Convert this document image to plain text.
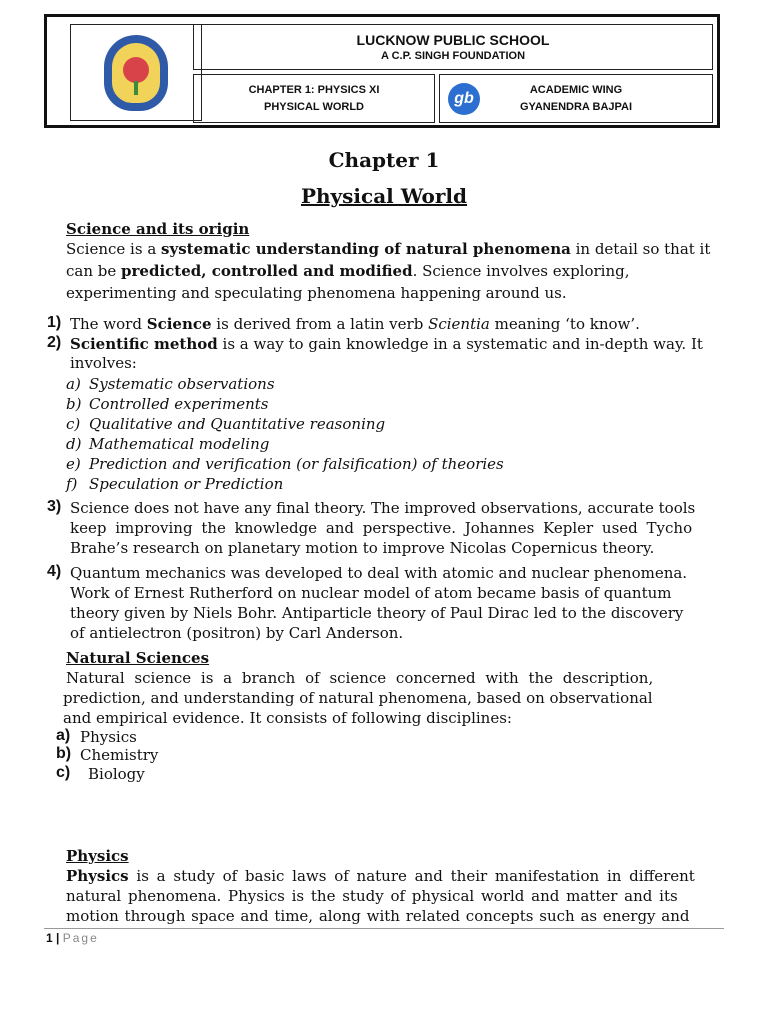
LUCKNOW PUBLIC SCHOOL
A C.P. SINGH FOUNDATION
CHAPTER 1: PHYSICS XI
PHYSICAL WORLD	gb	ACADEMIC WING
GYANENDRA BAJPAI
Chapter 1
Physical World
Science and its origin
Science is a systematic understanding of natural phenomena in detail so that it
can be predicted, controlled and modified. Science involves exploring,
experimenting and speculating phenomena happening around us.
1) The word Science is derived from a latin verb Scientia meaning ‘to know’.
2) Scientific method is a way to gain knowledge in a systematic and in-depth way. It
involves:
a) Systematic observations
b) Controlled experiments
c) Qualitative and Quantitative reasoning
d) Mathematical modeling
e) Prediction and verification (or falsification) of theories
f) Speculation or Prediction
3) Science does not have any final theory. The improved observations, accurate tools
keep improving the knowledge and perspective. Johannes Kepler used Tycho
Brahe’s research on planetary motion to improve Nicolas Copernicus theory.
4) Quantum mechanics was developed to deal with atomic and nuclear phenomena.
Work of Ernest Rutherford on nuclear model of atom became basis of quantum
theory given by Niels Bohr. Antiparticle theory of Paul Dirac led to the discovery
of antielectron (positron) by Carl Anderson.
Natural Sciences
Natural science is a branch of science concerned with the description,
prediction, and understanding of natural phenomena, based on observational
and empirical evidence. It consists of following disciplines:
a) Physics
b) Chemistry
c) Biology
Physics
Physics is a study of basic laws of nature and their manifestation in different
natural phenomena. Physics is the study of physical world and matter and its
motion through space and time, along with related concepts such as energy and
1 | Page
